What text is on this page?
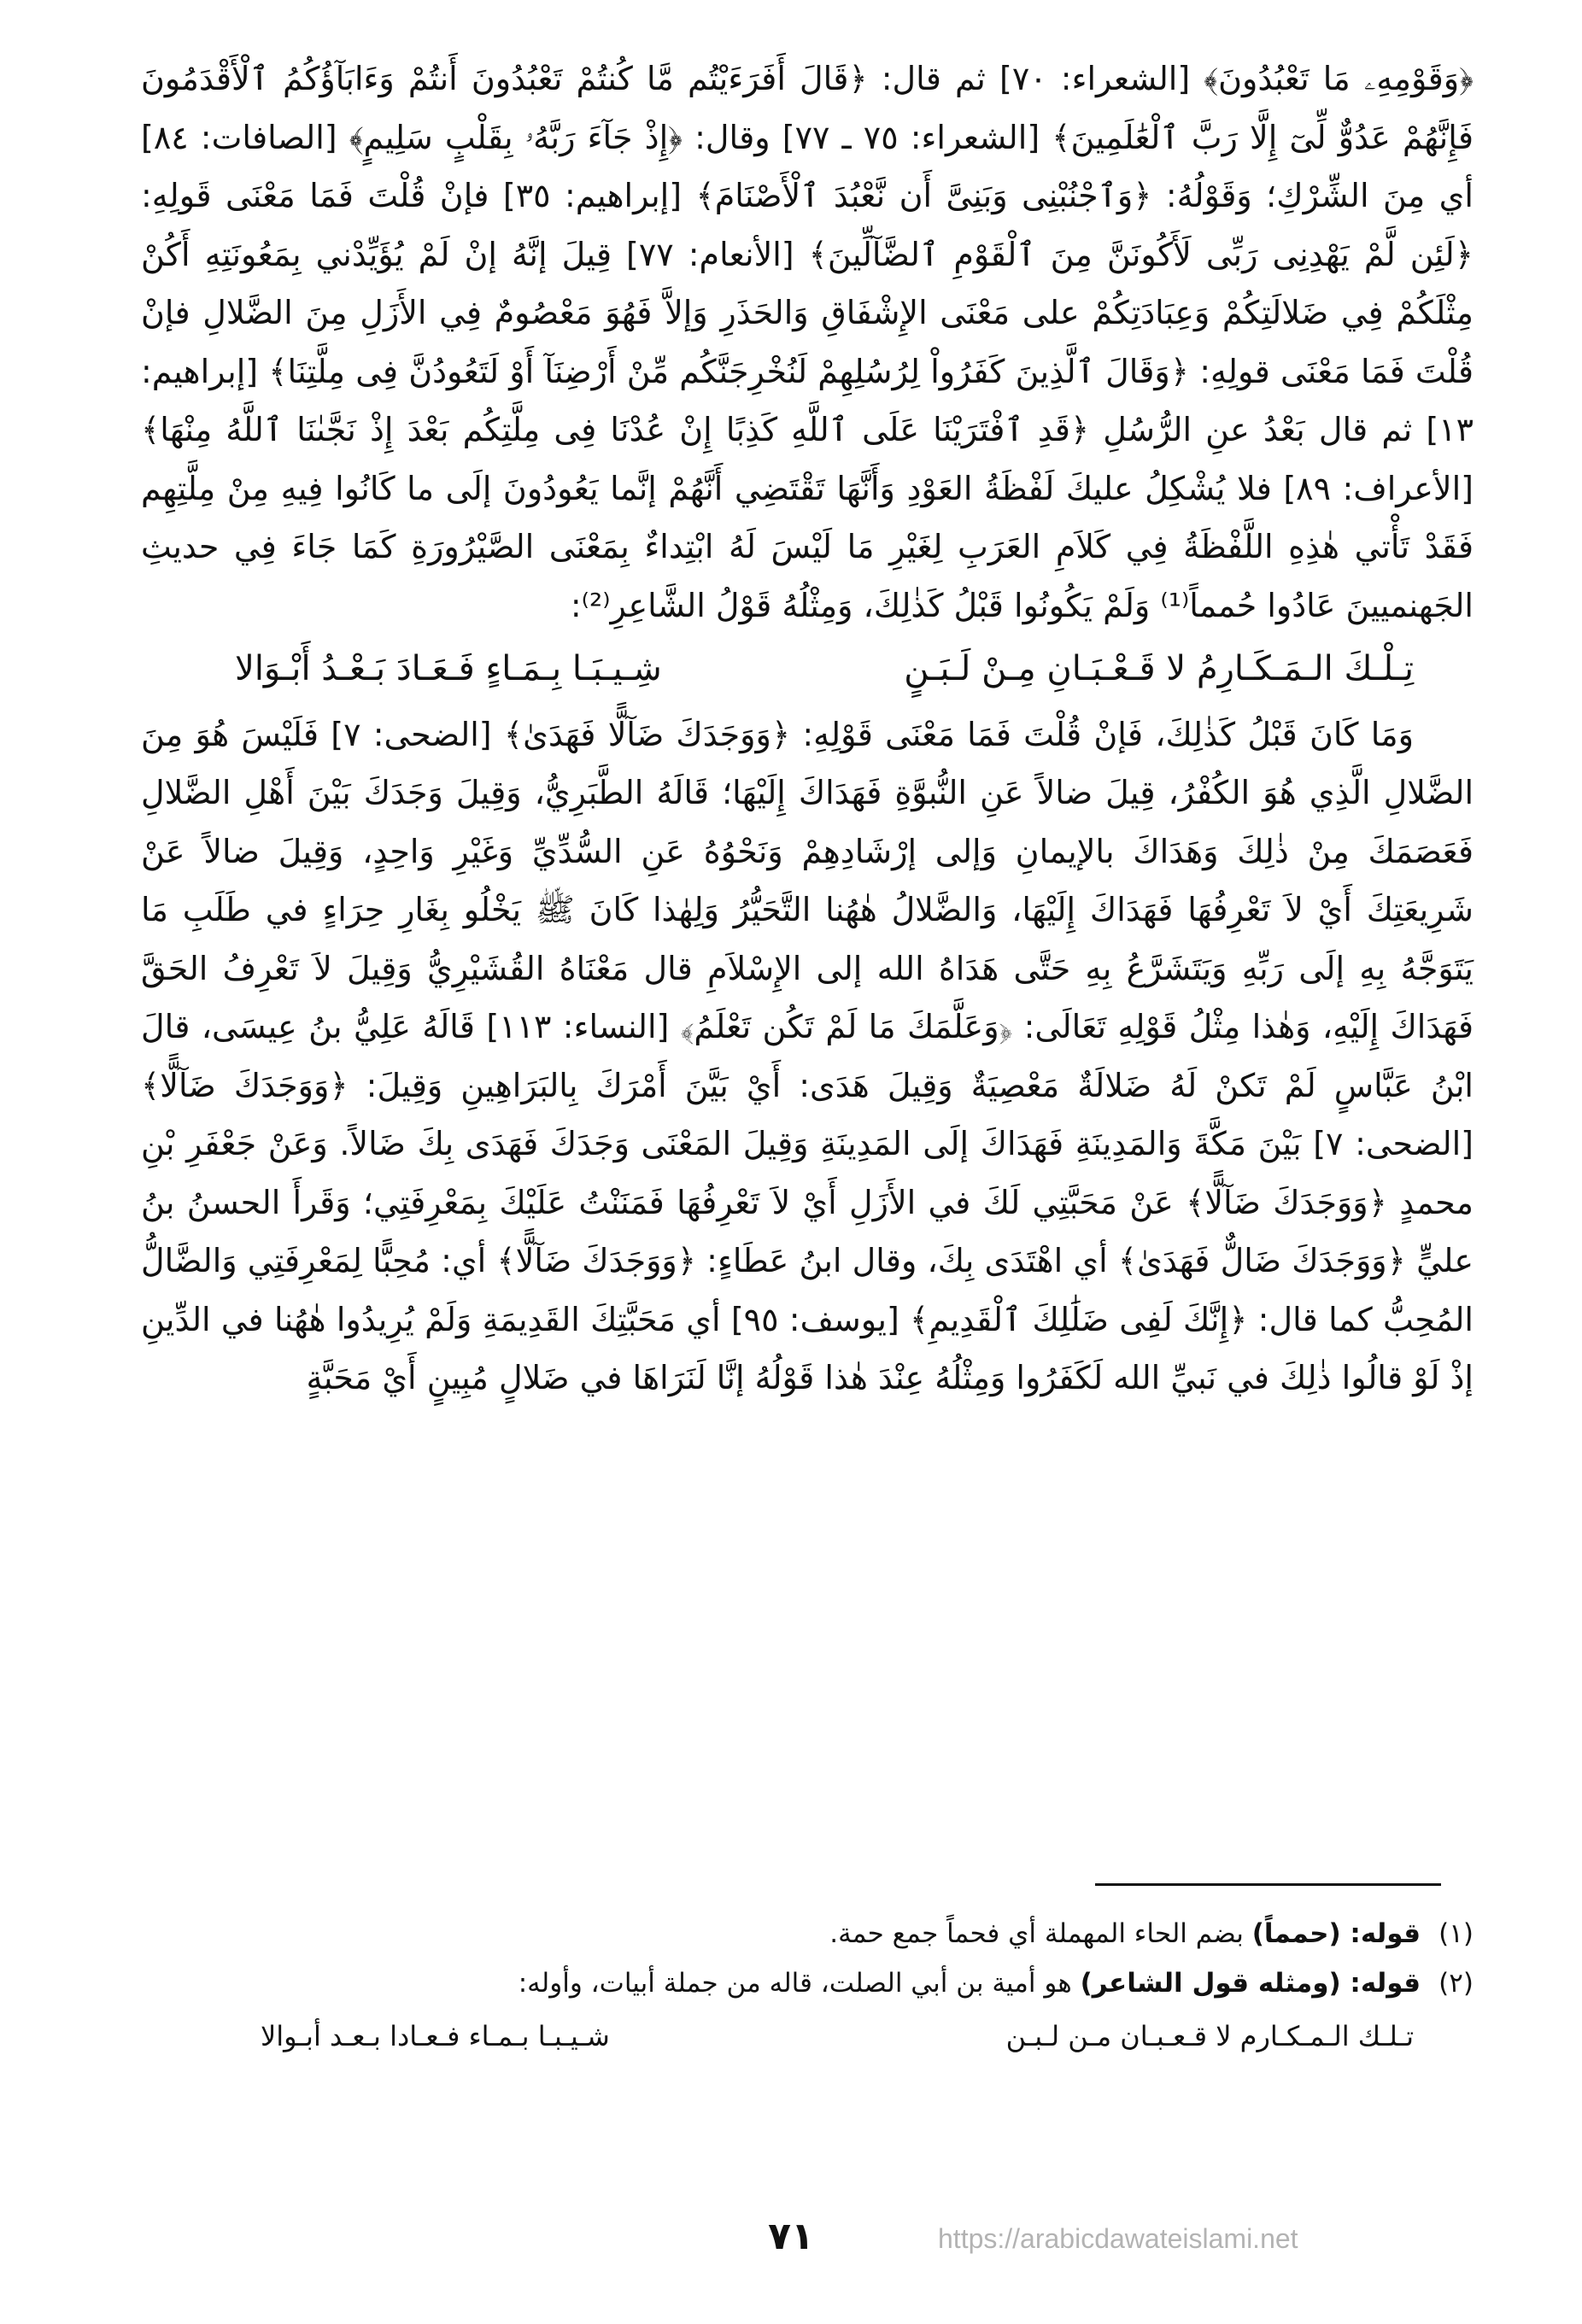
﴿وَقَوْمِهِۦ مَا تَعْبُدُونَ﴾ [الشعراء: ٧٠] ثم قال: ﴿قَالَ أَفَرَءَيْتُم مَّا كُنتُمْ تَعْبُدُونَ أَنتُمْ وَءَابَآؤُكُمُ ٱلْأَقْدَمُونَ فَإِنَّهُمْ عَدُوٌّ لِّىٓ إِلَّا رَبَّ ٱلْعَٰلَمِينَ﴾ [الشعراء: ٧٥ ـ ٧٧] وقال: ﴿إِذْ جَآءَ رَبَّهُۥ بِقَلْبٍ سَلِيمٍ﴾ [الصافات: ٨٤] أي مِنَ الشِّرْكِ؛ وَقَوْلُهُ: ﴿وَٱجْنُبْنِى وَبَنِىَّ أَن نَّعْبُدَ ٱلْأَصْنَامَ﴾ [إبراهيم: ٣٥] فإنْ قُلْتَ فَمَا مَعْنَى قَولِهِ: ﴿لَئِن لَّمْ يَهْدِنِى رَبِّى لَأَكُونَنَّ مِنَ ٱلْقَوْمِ ٱلضَّآلِّينَ﴾ [الأنعام: ٧٧] قِيلَ إنَّهُ إنْ لَمْ يُؤَيِّدْني بِمَعُونَتِهِ أَكُنْ مِثْلَكُمْ فِي ضَلالَتِكُمْ وَعِبَادَتِكُمْ على مَعْنَى الإِشْفَاقِ وَالحَذَرِ وَإلاَّ فَهُوَ مَعْصُومٌ فِي الأَزَلِ مِنَ الضَّلالِ فإنْ قُلْتَ فَمَا مَعْنَى قولِهِ: ﴿وَقَالَ ٱلَّذِينَ كَفَرُواْ لِرُسُلِهِمْ لَنُخْرِجَنَّكُم مِّنْ أَرْضِنَآ أَوْ لَتَعُودُنَّ فِى مِلَّتِنَا﴾ [إبراهيم: ١٣] ثم قال بَعْدُ عنِ الرُّسُلِ ﴿قَدِ ٱفْتَرَيْنَا عَلَى ٱللَّهِ كَذِبًا إِنْ عُدْنَا فِى مِلَّتِكُم بَعْدَ إِذْ نَجَّىٰنَا ٱللَّهُ مِنْهَا﴾ [الأعراف: ٨٩] فلا يُشْكِلُ عليكَ لَفْظَةُ العَوْدِ وَأَنَّهَا تَقْتَضِي أَنَّهُمْ إنَّما يَعُودُونَ إلَى ما كَانُوا فِيهِ مِنْ مِلَّتِهِم فَقَدْ تَأْتي هٰذِهِ اللَّفْظَةُ فِي كَلاَمِ العَرَبِ لِغَيْرِ مَا لَيْسَ لَهُ ابْتِداءٌ بِمَعْنَى الصَّيْرُورَةِ كَمَا جَاءَ فِي حديثِ الجَهنميينَ عَادُوا حُمماً⁽¹⁾ وَلَمْ يَكُونُوا قَبْلُ كَذٰلِكَ، وَمِثْلُهُ قَوْلُ الشَّاعِرِ⁽²⁾:

تِـلْـكَ الـمَـكَـارِمُ لا قَـعْـبَـانِ مِـنْ لَـبَـنٍ
شِـيـبَـا بِـمَـاءٍ فَـعَـادَ بَـعْـدُ أَبْـوَالا

وَمَا كَانَ قَبْلُ كَذٰلِكَ، فَإنْ قُلْتَ فَمَا مَعْنَى قَوْلِهِ: ﴿وَوَجَدَكَ ضَآلًّا فَهَدَىٰ﴾ [الضحى: ٧] فَلَيْسَ هُوَ مِنَ الضَّلالِ الَّذِي هُوَ الكُفْرُ، قِيلَ ضالاً عَنِ النُّبوَّةِ فَهَدَاكَ إِلَيْهَا؛ قَالَهُ الطَّبَرِيُّ، وَقِيلَ وَجَدَكَ بَيْنَ أَهْلِ الضَّلالِ فَعَصَمَكَ مِنْ ذٰلِكَ وَهَدَاكَ بالإيمانِ وَإلى إرْشَادِهِمْ وَنَحْوُهُ عَنِ السُّدِّيِّ وَغَيْرِ وَاحِدٍ، وَقِيلَ ضالاً عَنْ شَرِيعَتِكَ أَيْ لاَ تَعْرِفُهَا فَهَدَاكَ إِلَيْهَا، وَالضَّلالُ هٰهُنا التَّحَيُّرُ وَلِهٰذا كَانَ ﷺ يَخْلُو بِغَارِ حِرَاءٍ في طَلَبِ مَا يَتَوَجَّهُ بِهِ إلَى رَبِّهِ وَيَتَشَرَّعُ بِهِ حَتَّى هَدَاهُ الله إلى الإِسْلاَمِ قال مَعْنَاهُ القُشَيْرِيُّ وَقِيلَ لاَ تَعْرِفُ الحَقَّ فَهَدَاكَ إِلَيْهِ، وَهٰذا مِثْلُ قَوْلِهِ تَعَالَى: ﴿وَعَلَّمَكَ مَا لَمْ تَكُن تَعْلَمُ﴾ [النساء: ١١٣] قَالَهُ عَلِيُّ بنُ عِيسَى، قالَ ابْنُ عَبَّاسٍ لَمْ تَكنْ لَهُ ضَلالَةٌ مَعْصِيَةٌ وَقِيلَ هَدَى: أَيْ بَيَّنَ أَمْرَكَ بِالبَرَاهِينِ وَقِيلَ: ﴿وَوَجَدَكَ ضَآلًّا﴾ [الضحى: ٧] بَيْنَ مَكَّةَ وَالمَدِينَةِ فَهَدَاكَ إلَى المَدِينَةِ وَقِيلَ المَعْنَى وَجَدَكَ فَهَدَى بِكَ ضَالاً. وَعَنْ جَعْفَرِ بْنِ محمدٍ ﴿وَوَجَدَكَ ضَآلًّا﴾ عَنْ مَحَبَّتِي لَكَ في الأَزَلِ أَيْ لاَ تَعْرِفُهَا فَمَنَنْتُ عَلَيْكَ بِمَعْرِفَتِي؛ وَقَرأَ الحسنُ بنُ عليٍّ ﴿وَوَجَدَكَ ضَالٌّ فَهَدَىٰ﴾ أي اهْتَدَى بِكَ، وقال ابنُ عَطَاءٍ: ﴿وَوَجَدَكَ ضَآلًّا﴾ أي: مُحِبًّا لِمَعْرِفَتِي وَالضَّالُّ المُحِبُّ كما قال: ﴿إِنَّكَ لَفِى ضَلَٰلِكَ ٱلْقَدِيمِ﴾ [يوسف: ٩٥] أي مَحَبَّتِكَ القَدِيمَةِ وَلَمْ يُرِيدُوا هٰهُنا في الدِّينِ إذْ لَوْ قالُوا ذٰلِكَ في نَبيِّ الله لَكَفَرُوا وَمِثْلُهُ عِنْدَ هٰذا قَوْلُهُ إنَّا لَنَرَاهَا في ضَلالٍ مُبِينٍ أَيْ مَحَبَّةٍ

(١)
قوله: (حمماً) بضم الحاء المهملة أي فحماً جمع حمة.
(٢)
قوله: (ومثله قول الشاعر) هو أمية بن أبي الصلت، قاله من جملة أبيات، وأوله:
تـلـك الـمـكـارم لا قـعـبـان مـن لـبـن
شـيـبـا بـمـاء فـعـادا بـعـد أبـوالا
٧١	https://arabicdawateislami.net
